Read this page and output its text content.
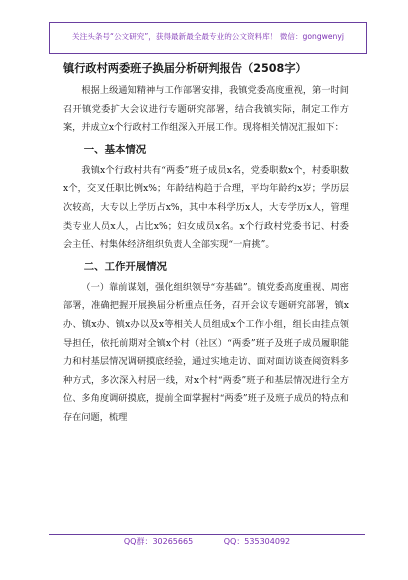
关注头条号“公文研究”，获得最新最全最专业的公文资料库！ 微信：gongwenyj
镇行政村两委班子换届分析研判报告（2508字）

根据上级通知精神与工作部署安排，我镇党委高度重视，第一时间召开镇党委扩大会议进行专题研究部署，结合我镇实际，制定工作方案，并成立x个行政村工作组深入开展工作。现将相关情况汇报如下：

一、基本情况

我镇x个行政村共有“两委”班子成员x名，党委职数x个，村委职数x个，交叉任职比例x%；年龄结构趋于合理，平均年龄约x岁；学历层次较高，大专以上学历占x%，其中本科学历x人，大专学历x人，管理类专业人员x人，占比x%；妇女成员x名。x个行政村党委书记、村委会主任、村集体经济组织负责人全部实现“一肩挑”。

二、工作开展情况

（一）靠前谋划，强化组织领导“夯基础”。镇党委高度重视、周密部署，准确把握开展换届分析重点任务，召开会议专题研究部署，镇x办、镇x办、镇x办以及x等相关人员组成x个工作小组，组长由挂点领导担任，依托前期对全镇x个村（社区）“两委”班子及班子成员履职能力和村基层情况调研摸底经验，通过实地走访、面对面访谈查阅资料多种方式，多次深入村居一线，对x个村“两委”班子和基层情况进行全方位、多角度调研摸底，提前全面掌握村“两委”班子及班子成员的特点和存在问题，梳理

QQ群：30265665	QQ：535304092
